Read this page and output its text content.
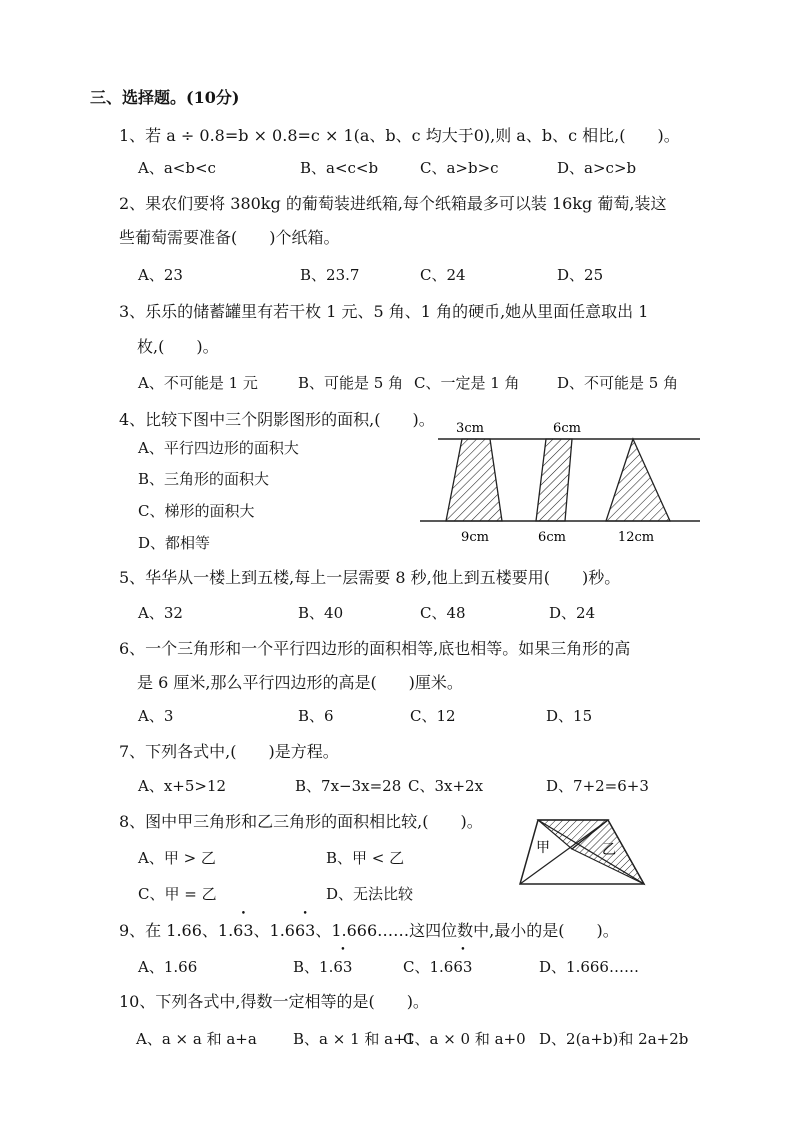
三、选择题。(10分)
1、若 a ÷ 0.8=b × 0.8=c × 1(a、b、c 均大于0),则 a、b、c 相比,(　　)。
A、a<b<c	B、a<c<b	C、a>b>c	D、a>c>b
2、果农们要将 380kg 的葡萄装进纸箱,每个纸箱最多可以装 16kg 葡萄,装这
些葡萄需要准备(　　)个纸箱。
A、23	B、23.7	C、24	D、25
3、乐乐的储蓄罐里有若干枚 1 元、5 角、1 角的硬币,她从里面任意取出 1
枚,(　　)。
A、不可能是 1 元	B、可能是 5 角 C、一定是 1 角 D、不可能是 5 角
4、比较下图中三个阴影图形的面积,(　　)。
A、平行四边形的面积大
B、三角形的面积大
C、梯形的面积大
D、都相等
3cm	6cm
9cm	6cm	12cm
5、华华从一楼上到五楼,每上一层需要 8 秒,他上到五楼要用(　　)秒。
A、32	B、40	C、48	D、24
6、一个三角形和一个平行四边形的面积相等,底也相等。如果三角形的高
是 6 厘米,那么平行四边形的高是(　　)厘米。
A、3	B、6	C、12	D、15
7、下列各式中,(　　)是方程。
A、x+5>12	B、7x−3x=28 C、3x+2x	D、7+2=6+3
8、图中甲三角形和乙三角形的面积相比较,(　　)。
A、甲 > 乙	B、甲 < 乙
C、甲 = 乙	D、无法比较
甲	乙
9、在 1.66、1.• 63、1.6• 63、1.666……这四位数中,最小的是(　　)。
A、1.66	B、1.• 63	C、1.6• 63	D、1.666……
10、下列各式中,得数一定相等的是(　　)。
A、a × a 和 a+a B、a × 1 和 a+1
C、a × 0 和 a+0 D、2(a+b)和 2a+2b
